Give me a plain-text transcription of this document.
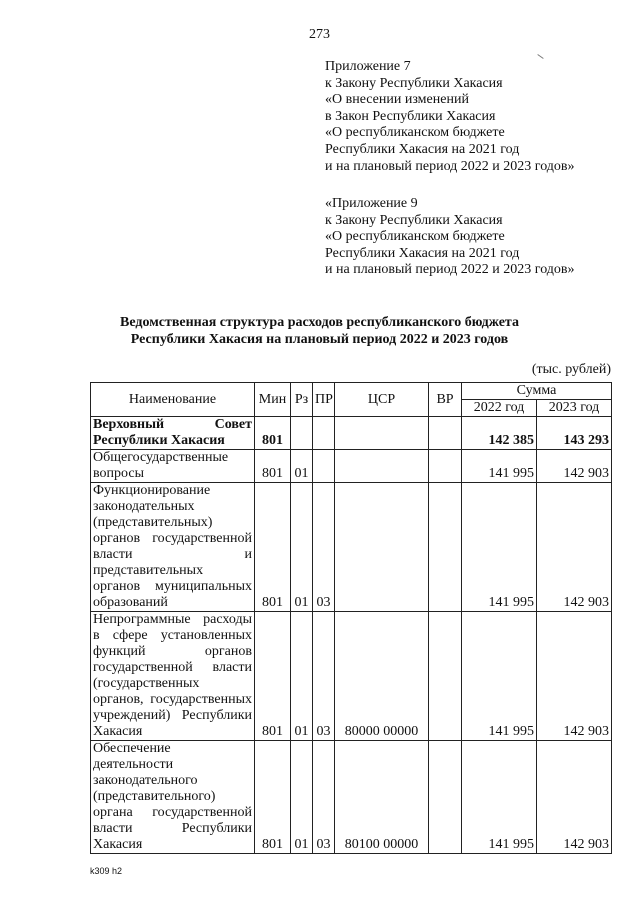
273
Приложение 7
к Закону Республики Хакасия
«О внесении изменений
в Закон Республики Хакасия
«О республиканском бюджете
Республики Хакасия на 2021 год
и на плановый период 2022 и 2023 годов»
«Приложение 9
к Закону Республики Хакасия
«О республиканском бюджете
Республики Хакасия на 2021 год
и на плановый период 2022 и 2023 годов»
Ведомственная структура расходов республиканского бюджета
Республики Хакасия на плановый период 2022 и 2023 годов
(тыс. рублей)
Наименование	Мин	Рз	ПР	ЦСР	ВР	Сумма	
						2022 год	2023 год
Верховный Совет Республики Хакасия	801					142 385	143 293
Общегосударственные вопросы	801	01				141 995	142 903
Функционирование законодательных (представительных) органов государственной власти и представительных органов муниципальных образований	801	01	03			141 995	142 903
Непрограммные расходы в сфере установленных функций органов государственной власти (государственных органов, государственных учреждений) Республики Хакасия	801	01	03	80000 00000		141 995	142 903
Обеспечение деятельности законодательного (представительного) органа государственной власти Республики Хакасия	801	01	03	80100 00000		141 995	142 903
k309 h2
